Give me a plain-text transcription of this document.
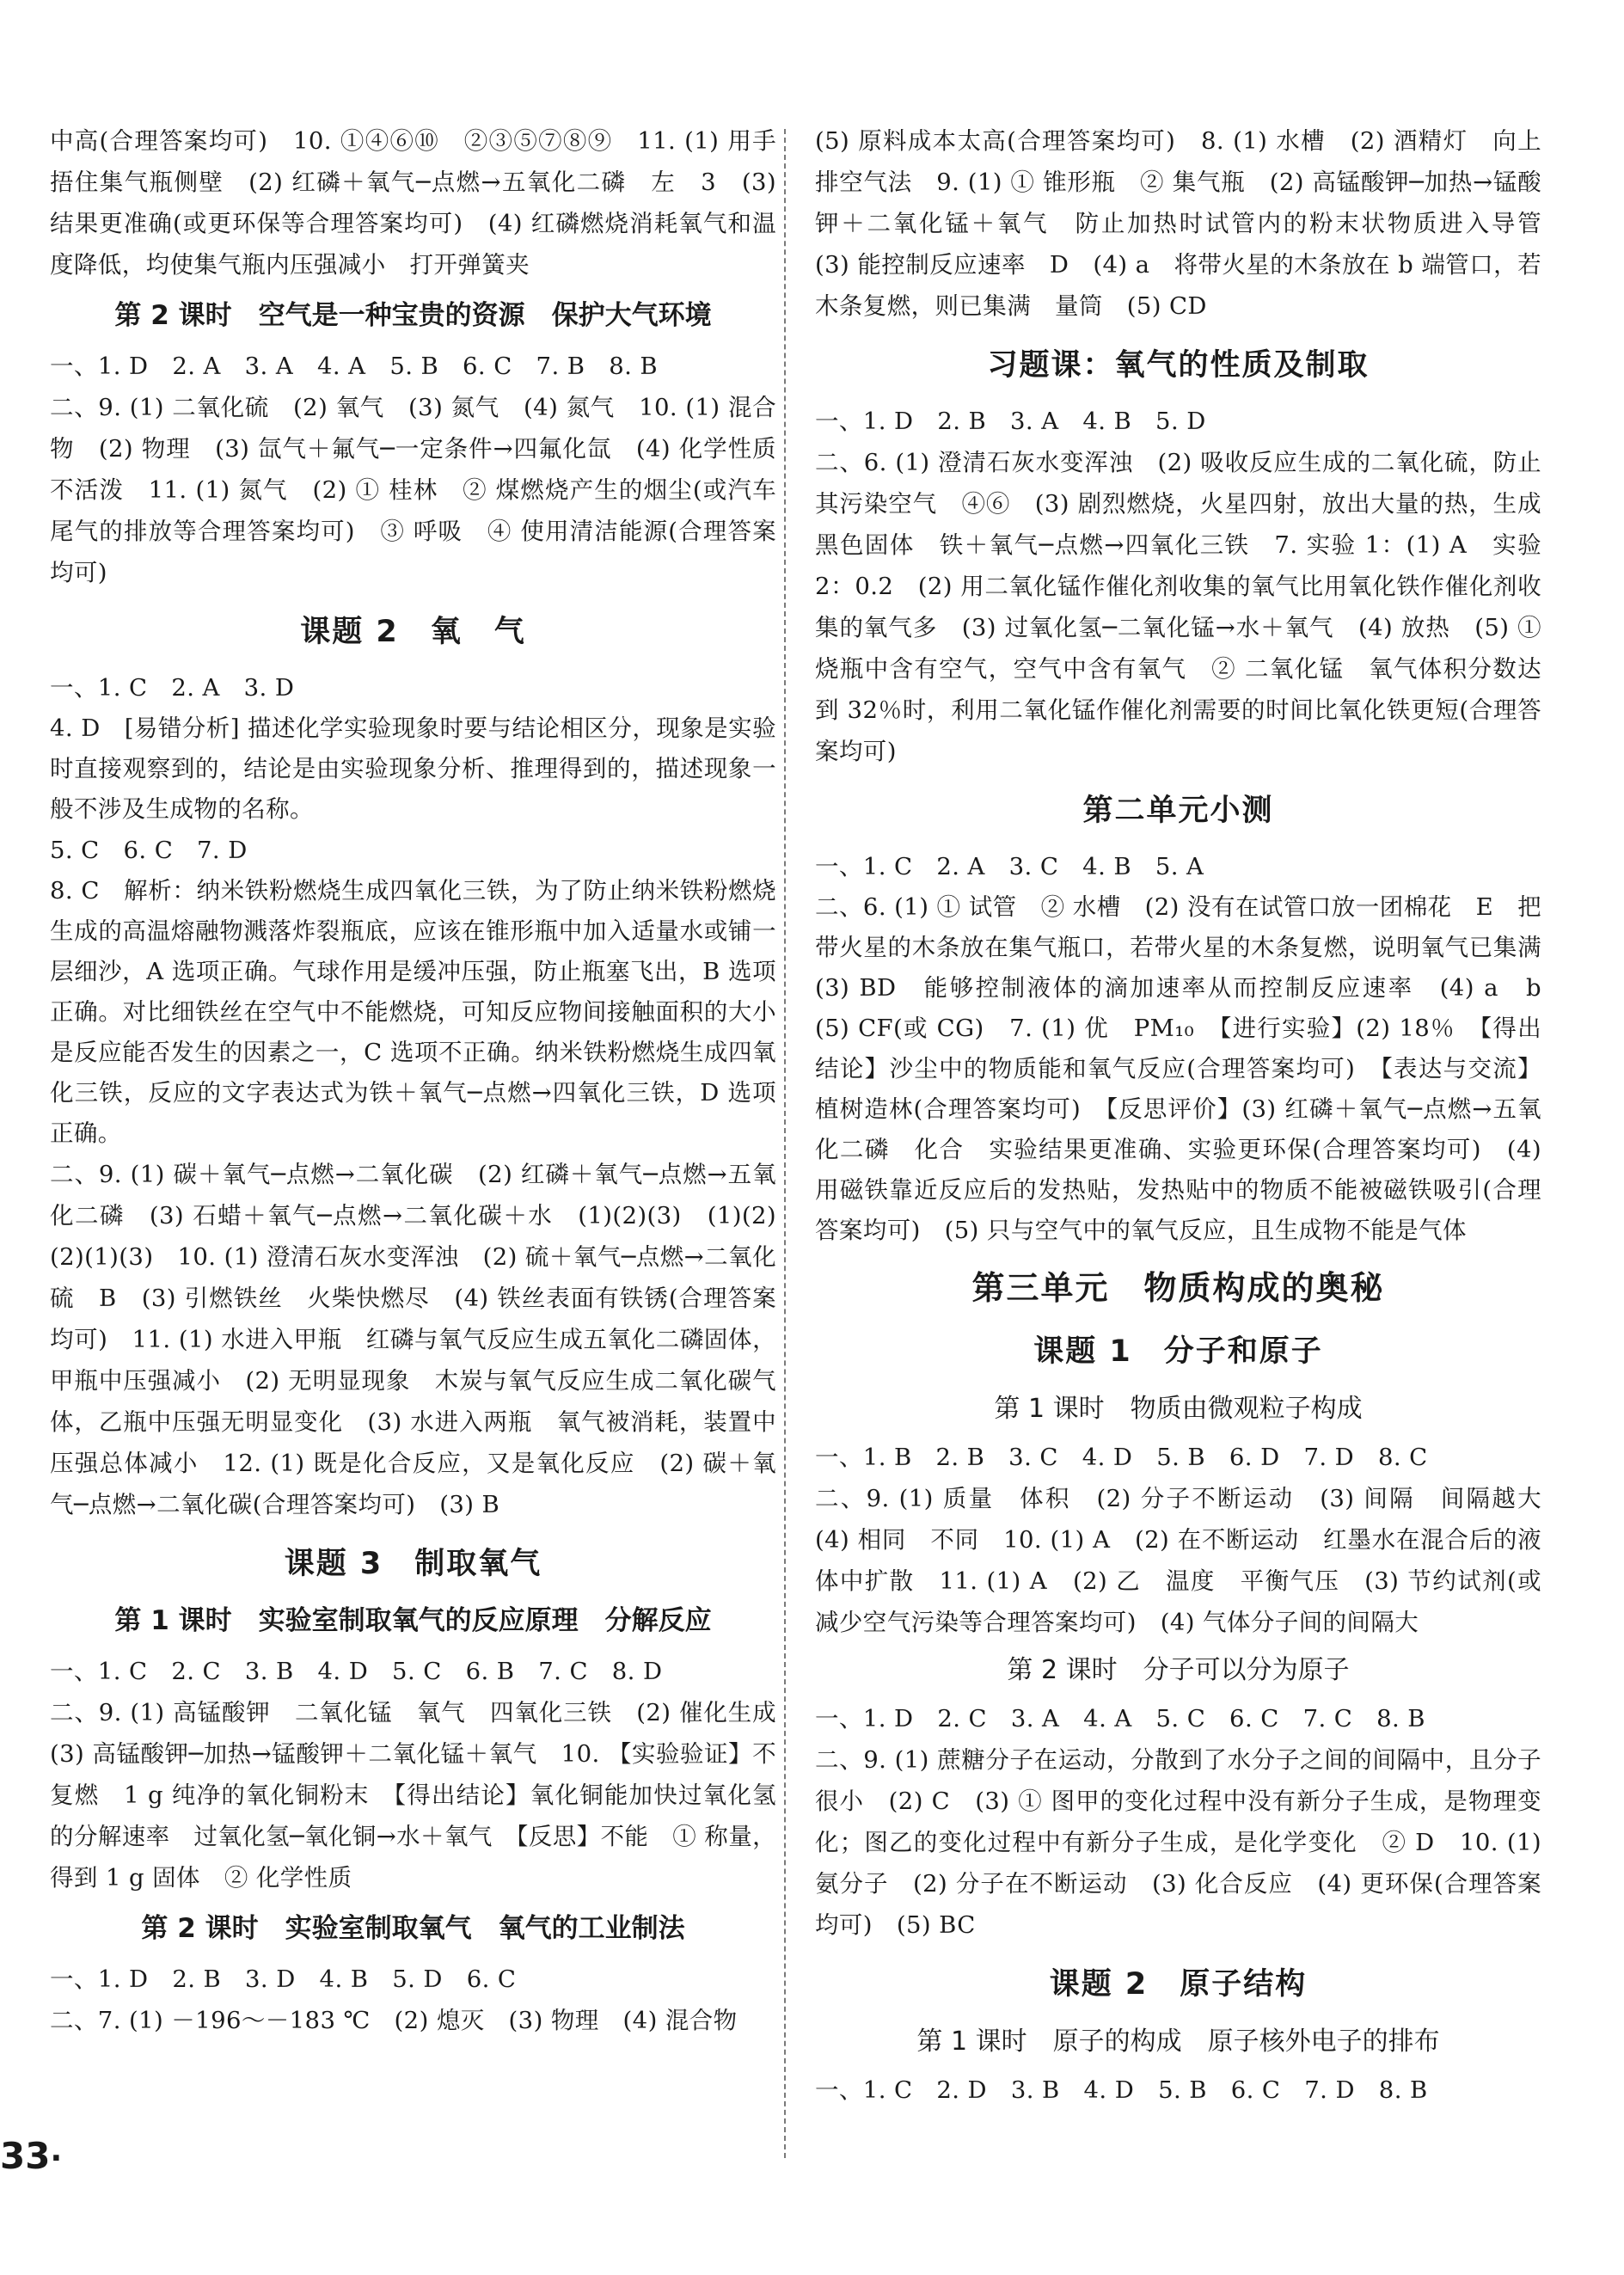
中高(合理答案均可)　10. ①④⑥⑩　②③⑤⑦⑧⑨　11. (1) 用手捂住集气瓶侧壁　(2) 红磷＋氧气─点燃→五氧化二磷　左　3　(3) 结果更准确(或更环保等合理答案均可)　(4) 红磷燃烧消耗氧气和温度降低，均使集气瓶内压强减小　打开弹簧夹

第 2 课时　空气是一种宝贵的资源　保护大气环境

一、1. D　2. A　3. A　4. A　5. B　6. C　7. B　8. B

二、9. (1) 二氧化硫　(2) 氧气　(3) 氮气　(4) 氮气　10. (1) 混合物　(2) 物理　(3) 氙气＋氟气─一定条件→四氟化氙　(4) 化学性质不活泼　11. (1) 氮气　(2) ① 桂林　② 煤燃烧产生的烟尘(或汽车尾气的排放等合理答案均可)　③ 呼吸　④ 使用清洁能源(合理答案均可)

课题 2　氧　气

一、1. C　2. A　3. D

4. D　[易错分析] 描述化学实验现象时要与结论相区分，现象是实验时直接观察到的，结论是由实验现象分析、推理得到的，描述现象一般不涉及生成物的名称。

5. C　6. C　7. D

8. C　解析：纳米铁粉燃烧生成四氧化三铁，为了防止纳米铁粉燃烧生成的高温熔融物溅落炸裂瓶底，应该在锥形瓶中加入适量水或铺一层细沙，A 选项正确。气球作用是缓冲压强，防止瓶塞飞出，B 选项正确。对比细铁丝在空气中不能燃烧，可知反应物间接触面积的大小是反应能否发生的因素之一，C 选项不正确。纳米铁粉燃烧生成四氧化三铁，反应的文字表达式为铁＋氧气─点燃→四氧化三铁，D 选项正确。

二、9. (1) 碳＋氧气─点燃→二氧化碳　(2) 红磷＋氧气─点燃→五氧化二磷　(3) 石蜡＋氧气─点燃→二氧化碳＋水　(1)(2)(3)　(1)(2)　(2)(1)(3)　10. (1) 澄清石灰水变浑浊　(2) 硫＋氧气─点燃→二氧化硫　B　(3) 引燃铁丝　火柴快燃尽　(4) 铁丝表面有铁锈(合理答案均可)　11. (1) 水进入甲瓶　红磷与氧气反应生成五氧化二磷固体，甲瓶中压强减小　(2) 无明显现象　木炭与氧气反应生成二氧化碳气体，乙瓶中压强无明显变化　(3) 水进入两瓶　氧气被消耗，装置中压强总体减小　12. (1) 既是化合反应，又是氧化反应　(2) 碳＋氧气─点燃→二氧化碳(合理答案均可)　(3) B

课题 3　制取氧气
第 1 课时　实验室制取氧气的反应原理　分解反应

一、1. C　2. C　3. B　4. D　5. C　6. B　7. C　8. D

二、9. (1) 高锰酸钾　二氧化锰　氧气　四氧化三铁　(2) 催化生成　(3) 高锰酸钾─加热→锰酸钾＋二氧化锰＋氧气　10. 【实验验证】不复燃　1 g 纯净的氧化铜粉末　【得出结论】氧化铜能加快过氧化氢的分解速率　过氧化氢─氧化铜→水＋氧气　【反思】不能　① 称量，得到 1 g 固体　② 化学性质

第 2 课时　实验室制取氧气　氧气的工业制法

一、1. D　2. B　3. D　4. B　5. D　6. C

二、7. (1) －196～－183 ℃　(2) 熄灭　(3) 物理　(4) 混合物

(5) 原料成本太高(合理答案均可)　8. (1) 水槽　(2) 酒精灯　向上排空气法　9. (1) ① 锥形瓶　② 集气瓶　(2) 高锰酸钾─加热→锰酸钾＋二氧化锰＋氧气　防止加热时试管内的粉末状物质进入导管　(3) 能控制反应速率　D　(4) a　将带火星的木条放在 b 端管口，若木条复燃，则已集满　量筒　(5) CD

习题课：氧气的性质及制取

一、1. D　2. B　3. A　4. B　5. D

二、6. (1) 澄清石灰水变浑浊　(2) 吸收反应生成的二氧化硫，防止其污染空气　④⑥　(3) 剧烈燃烧，火星四射，放出大量的热，生成黑色固体　铁＋氧气─点燃→四氧化三铁　7. 实验 1：(1) A　实验 2：0.2　(2) 用二氧化锰作催化剂收集的氧气比用氧化铁作催化剂收集的氧气多　(3) 过氧化氢─二氧化锰→水＋氧气　(4) 放热　(5) ① 烧瓶中含有空气，空气中含有氧气　② 二氧化锰　氧气体积分数达到 32％时，利用二氧化锰作催化剂需要的时间比氧化铁更短(合理答案均可)

第二单元小测

一、1. C　2. A　3. C　4. B　5. A

二、6. (1) ① 试管　② 水槽　(2) 没有在试管口放一团棉花　E　把带火星的木条放在集气瓶口，若带火星的木条复燃，说明氧气已集满　(3) BD　能够控制液体的滴加速率从而控制反应速率　(4) a　b　(5) CF(或 CG)　7. (1) 优　PM₁₀　【进行实验】(2) 18％　【得出结论】沙尘中的物质能和氧气反应(合理答案均可)　【表达与交流】植树造林(合理答案均可)　【反思评价】(3) 红磷＋氧气─点燃→五氧化二磷　化合　实验结果更准确、实验更环保(合理答案均可)　(4) 用磁铁靠近反应后的发热贴，发热贴中的物质不能被磁铁吸引(合理答案均可)　(5) 只与空气中的氧气反应，且生成物不能是气体

第三单元　物质构成的奥秘
课题 1　分子和原子
第 1 课时　物质由微观粒子构成

一、1. B　2. B　3. C　4. D　5. B　6. D　7. D　8. C

二、9. (1) 质量　体积　(2) 分子不断运动　(3) 间隔　间隔越大　(4) 相同　不同　10. (1) A　(2) 在不断运动　红墨水在混合后的液体中扩散　11. (1) A　(2) 乙　温度　平衡气压　(3) 节约试剂(或减少空气污染等合理答案均可)　(4) 气体分子间的间隔大

第 2 课时　分子可以分为原子

一、1. D　2. C　3. A　4. A　5. C　6. C　7. C　8. B

二、9. (1) 蔗糖分子在运动，分散到了水分子之间的间隔中，且分子很小　(2) C　(3) ① 图甲的变化过程中没有新分子生成，是物理变化；图乙的变化过程中有新分子生成，是化学变化　② D　10. (1) 氨分子　(2) 分子在不断运动　(3) 化合反应　(4) 更环保(合理答案均可)　(5) BC

课题 2　原子结构
第 1 课时　原子的构成　原子核外电子的排布

一、1. C　2. D　3. B　4. D　5. B　6. C　7. D　8. B

33·
